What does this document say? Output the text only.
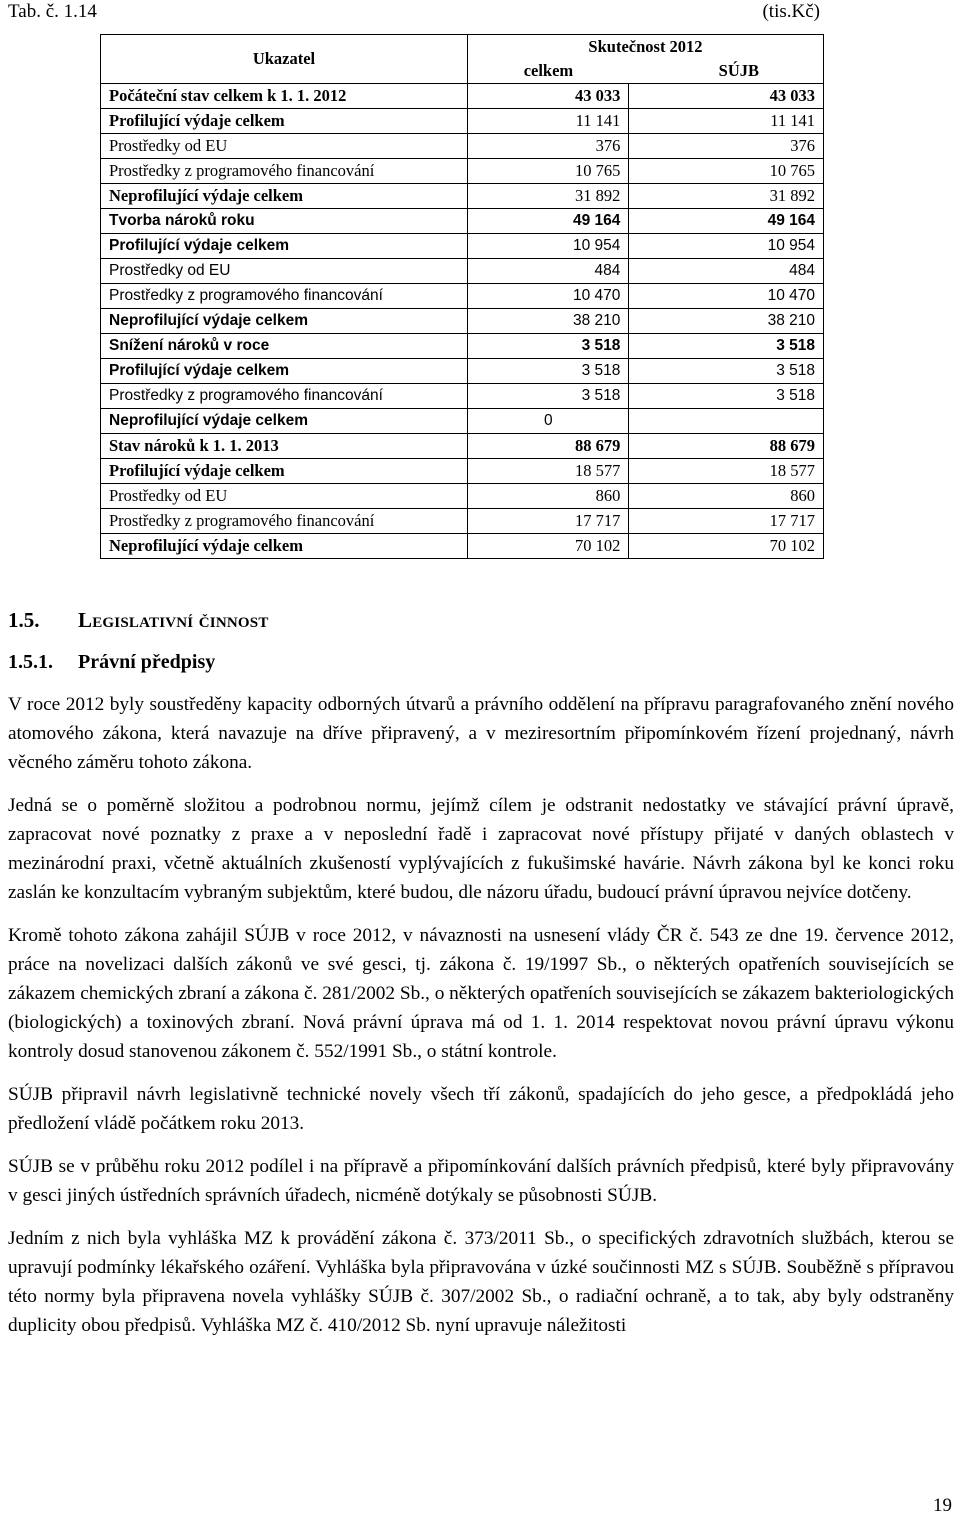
Tab. č. 1.14	(tis.Kč)
Ukazatel	Skutečnost 2012	
	celkem	SÚJB
Počáteční stav celkem k 1. 1. 2012	43 033	43 033
Profilující výdaje celkem	11 141	11 141
Prostředky od EU	376	376
Prostředky z programového financování	10 765	10 765
Neprofilující výdaje celkem	31 892	31 892
Tvorba nároků roku	49 164	49 164
Profilující výdaje celkem	10 954	10 954
Prostředky od EU	484	484
Prostředky z programového financování	10 470	10 470
Neprofilující výdaje celkem	38 210	38 210
Snížení nároků v roce	3 518	3 518
Profilující výdaje celkem	3 518	3 518
Prostředky z programového financování	3 518	3 518
Neprofilující výdaje celkem	0	
Stav nároků k 1. 1. 2013	88 679	88 679
Profilující výdaje celkem	18 577	18 577
Prostředky od EU	860	860
Prostředky z programového financování	17 717	17 717
Neprofilující výdaje celkem	70 102	70 102
1.5. Legislativní činnost
1.5.1. Právní předpisy

V roce 2012 byly soustředěny kapacity odborných útvarů a právního oddělení na přípravu paragrafovaného znění nového atomového zákona, která navazuje na dříve připravený, a v meziresortním připomínkovém řízení projednaný, návrh věcného záměru tohoto zákona.

Jedná se o poměrně složitou a podrobnou normu, jejímž cílem je odstranit nedostatky ve stávající právní úpravě, zapracovat nové poznatky z praxe a v neposlední řadě i zapracovat nové přístupy přijaté v daných oblastech v mezinárodní praxi, včetně aktuálních zkušeností vyplývajících z fukušimské havárie. Návrh zákona byl ke konci roku zaslán ke konzultacím vybraným subjektům, které budou, dle názoru úřadu, budoucí právní úpravou nejvíce dotčeny.

Kromě tohoto zákona zahájil SÚJB v roce 2012, v návaznosti na usnesení vlády ČR č. 543 ze dne 19. července 2012, práce na novelizaci dalších zákonů ve své gesci, tj. zákona č. 19/1997 Sb., o některých opatřeních souvisejících se zákazem chemických zbraní a zákona č. 281/2002 Sb., o některých opatřeních souvisejících se zákazem bakteriologických (biologických) a toxinových zbraní. Nová právní úprava má od 1. 1. 2014 respektovat novou právní úpravu výkonu kontroly dosud stanovenou zákonem č. 552/1991 Sb., o státní kontrole.

SÚJB připravil návrh legislativně technické novely všech tří zákonů, spadajících do jeho gesce, a předpokládá jeho předložení vládě počátkem roku 2013.

SÚJB se v průběhu roku 2012 podílel i na přípravě a připomínkování dalších právních předpisů, které byly připravovány v gesci jiných ústředních správních úřadech, nicméně dotýkaly se působnosti SÚJB.

Jedním z nich byla vyhláška MZ k provádění zákona č. 373/2011 Sb., o specifických zdravotních službách, kterou se upravují podmínky lékařského ozáření. Vyhláška byla připravována v úzké součinnosti MZ s SÚJB. Souběžně s přípravou této normy byla připravena novela vyhlášky SÚJB č. 307/2002 Sb., o radiační ochraně, a to tak, aby byly odstraněny duplicity obou předpisů. Vyhláška MZ č. 410/2012 Sb. nyní upravuje náležitosti

19
